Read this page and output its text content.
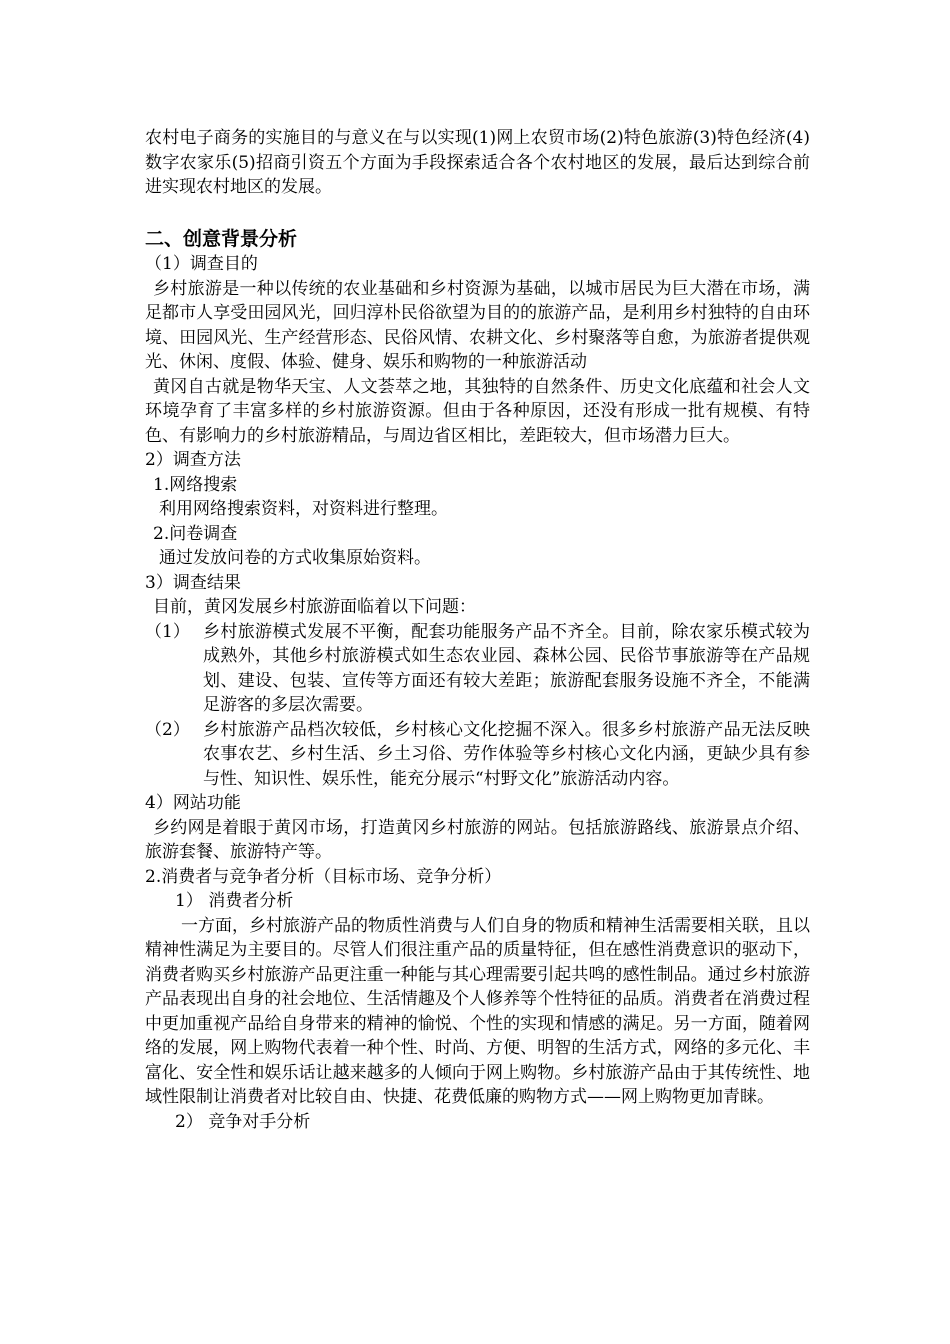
农村电子商务的实施目的与意义在与以实现(1)网上农贸市场(2)特色旅游(3)特色经济(4)数字农家乐(5)招商引资五个方面为手段探索适合各个农村地区的发展，最后达到综合前进实现农村地区的发展。

二、创意背景分析

（1）调查目的

乡村旅游是一种以传统的农业基础和乡村资源为基础，以城市居民为巨大潜在市场，满足都市人享受田园风光，回归淳朴民俗欲望为目的的旅游产品，是利用乡村独特的自由环境、田园风光、生产经营形态、民俗风情、农耕文化、乡村聚落等自愈，为旅游者提供观光、休闲、度假、体验、健身、娱乐和购物的一种旅游活动

黄冈自古就是物华天宝、人文荟萃之地，其独特的自然条件、历史文化底蕴和社会人文环境孕育了丰富多样的乡村旅游资源。但由于各种原因，还没有形成一批有规模、有特色、有影响力的乡村旅游精品，与周边省区相比，差距较大，但市场潜力巨大。

2）调查方法

1.网络搜索

利用网络搜索资料，对资料进行整理。

2.问卷调查

通过发放问卷的方式收集原始资料。

3）调查结果

目前，黄冈发展乡村旅游面临着以下问题：

（1） 乡村旅游模式发展不平衡，配套功能服务产品不齐全。目前，除农家乐模式较为成熟外，其他乡村旅游模式如生态农业园、森林公园、民俗节事旅游等在产品规划、建设、包装、宣传等方面还有较大差距；旅游配套服务设施不齐全，不能满足游客的多层次需要。
（2） 乡村旅游产品档次较低，乡村核心文化挖掘不深入。很多乡村旅游产品无法反映农事农艺、乡村生活、乡土习俗、劳作体验等乡村核心文化内涵，更缺少具有参与性、知识性、娱乐性，能充分展示“村野文化”旅游活动内容。

4）网站功能

乡约网是着眼于黄冈市场，打造黄冈乡村旅游的网站。包括旅游路线、旅游景点介绍、旅游套餐、旅游特产等。

2.消费者与竞争者分析（目标市场、竞争分析）

1） 消费者分析

一方面，乡村旅游产品的物质性消费与人们自身的物质和精神生活需要相关联，且以精神性满足为主要目的。尽管人们很注重产品的质量特征，但在感性消费意识的驱动下，消费者购买乡村旅游产品更注重一种能与其心理需要引起共鸣的感性制品。通过乡村旅游产品表现出自身的社会地位、生活情趣及个人修养等个性特征的品质。消费者在消费过程中更加重视产品给自身带来的精神的愉悦、个性的实现和情感的满足。另一方面，随着网络的发展，网上购物代表着一种个性、时尚、方便、明智的生活方式，网络的多元化、丰富化、安全性和娱乐话让越来越多的人倾向于网上购物。乡村旅游产品由于其传统性、地域性限制让消费者对比较自由、快捷、花费低廉的购物方式——网上购物更加青睐。

2） 竞争对手分析
